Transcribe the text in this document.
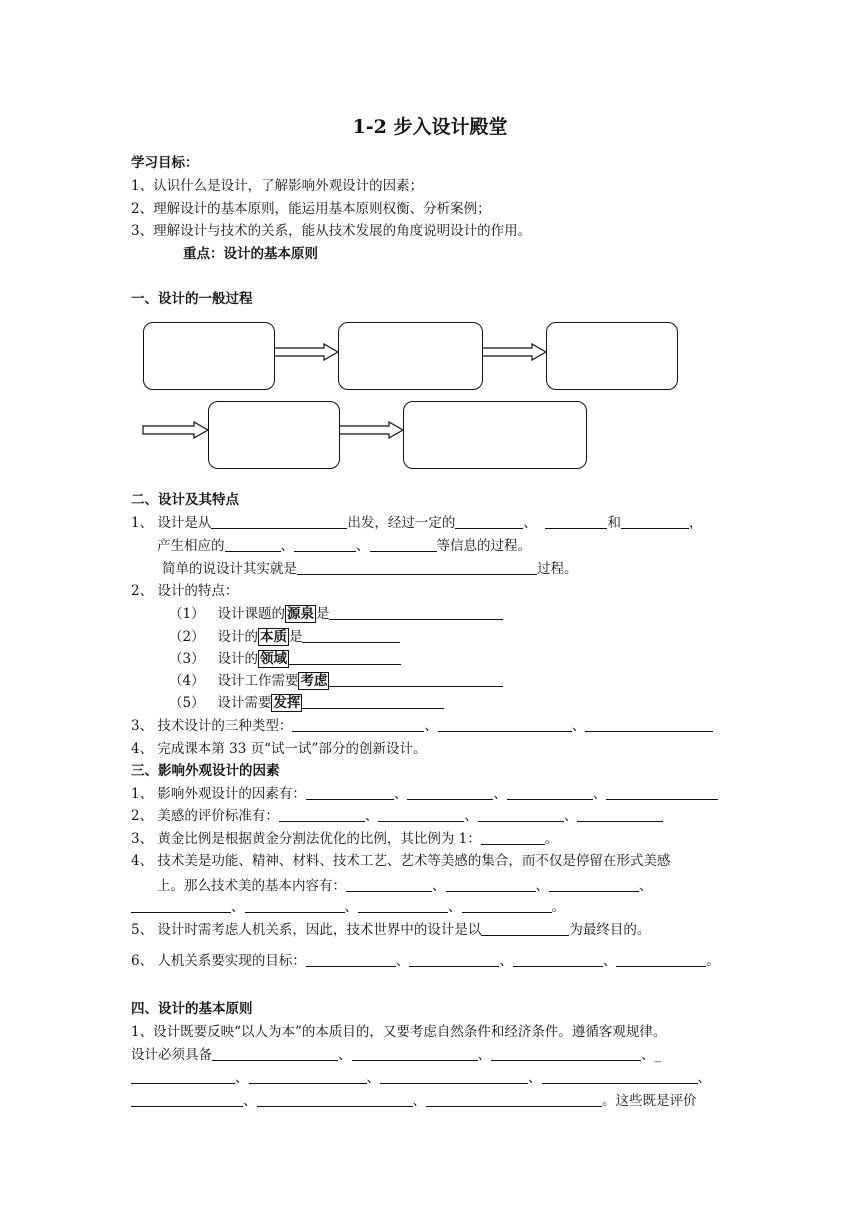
1-2 步入设计殿堂
学习目标：
1、认识什么是设计，了解影响外观设计的因素；
2、理解设计的基本原则，能运用基本原则权衡、分析案例；
3、理解设计与技术的关系，能从技术发展的角度说明设计的作用。
重点：设计的基本原则
一、设计的一般过程
二、设计及其特点
1、 设计是从	出发，经过一定的	、	和	，
产生相应的	、	、	等信息的过程。
简单的说设计其实就是	过程。
2、 设计的特点：
（1） 设计课题的 源泉 是
（2） 设计的 本质 是
（3） 设计的 领域
（4） 设计工作需要 考虑
（5） 设计需要 发挥
3、 技术设计的三种类型：	、	、
4、 完成课本第 33 页“试一试”部分的创新设计。
三、影响外观设计的因素
1、 影响外观设计的因素有：	、	、	、
2、 美感的评价标准有：	、	、	、
3、 黄金比例是根据黄金分割法优化的比例，其比例为 1：	。
4、 技术美是功能、精神、材料、技术工艺、艺术等美感的集合，而不仅是停留在形式美感
上。那么技术美的基本内容有：	、	、	、
、	、	、	。
5、 设计时需考虑人机关系，因此，技术世界中的设计是以	为最终目的。
6、 人机关系要实现的目标：	、	、	、	。
四、设计的基本原则
1、设计既要反映“以人为本”的本质目的，又要考虑自然条件和经济条件。遵循客观规律。
设计必须具备	、	、	、_
、	、	、	、
、	、	。这些既是评价
